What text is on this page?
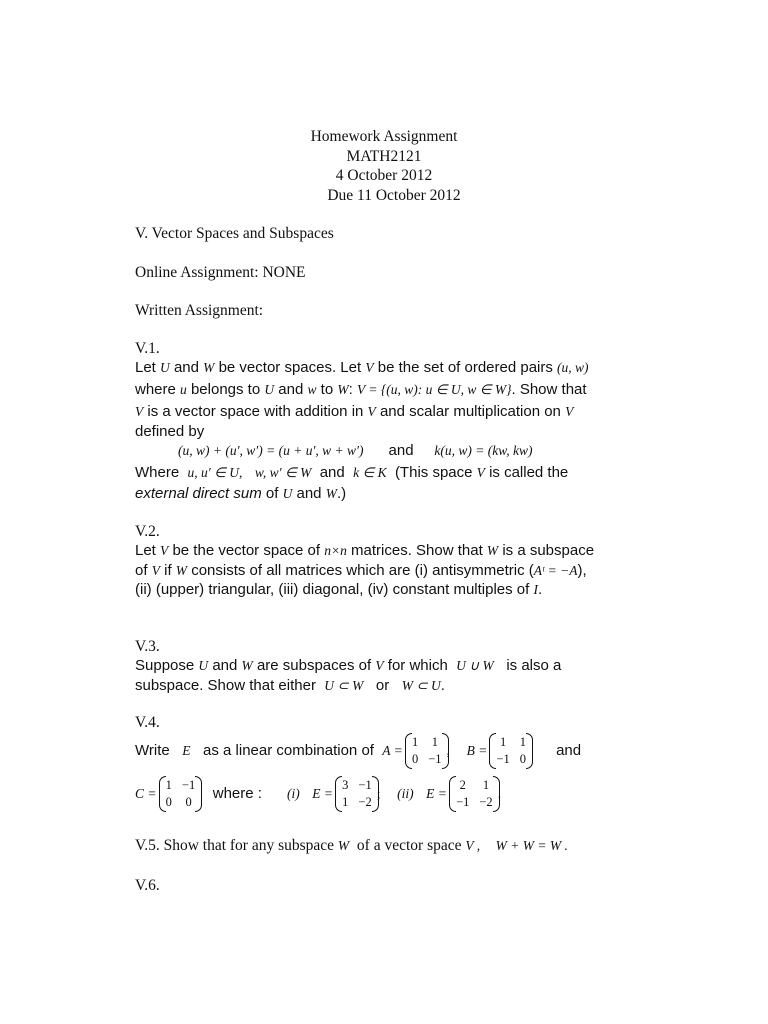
Homework Assignment
MATH2121
4 October 2012
Due 11 October 2012
V. Vector Spaces and Subspaces
Online Assignment: NONE
Written Assignment:
V.1.
Let U and W be vector spaces. Let V be the set of ordered pairs (u, w)
where u belongs to U and w to W: V = {(u, w): u ∈ U, w ∈ W}. Show that
V is a vector space with addition in V and scalar multiplication on V
defined by
(u, w) + (u′, w′) = (u + u′, w + w′) and k(u, w) = (kw, kw)
Where u, u′ ∈ U, w, w′ ∈ W and k ∈ K (This space V is called the
external direct sum of U and W.)
V.2.
Let V be the vector space of n×n matrices. Show that W is a subspace
of V if W consists of all matrices which are (i) antisymmetric (Aᵗ = −A),
(ii) (upper) triangular, (iii) diagonal, (iv) constant multiples of I.
V.3.
Suppose U and W are subspaces of V for which U ∪ W is also a
subspace. Show that either U ⊂ W or W ⊂ U.
V.4.
Write E as a linear combination of A =
1	1
0	−1
, B =
1	1
−1	0
and
C =
1	−1
0	0
where : (i) E =
3	−1
1	−2
; (ii) E =
2	1
−1	−2
.
V.5. Show that for any subspace W of a vector space V , W + W = W .
V.6.
